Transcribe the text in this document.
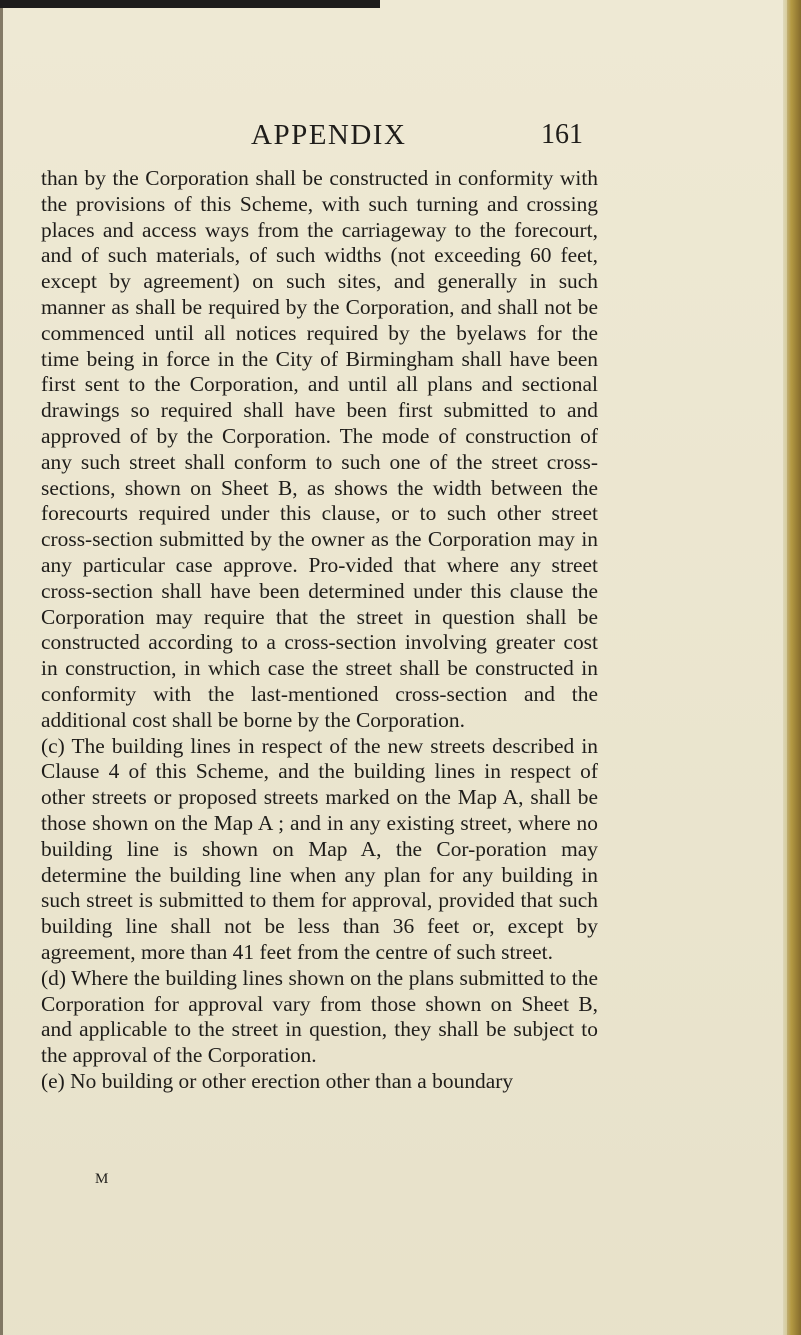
APPENDIX	161

than by the Corporation shall be constructed in conformity with the provisions of this Scheme, with such turning and crossing places and access ways from the carriageway to the forecourt, and of such materials, of such widths (not exceeding 60 feet, except by agreement) on such sites, and generally in such manner as shall be required by the Corporation, and shall not be commenced until all notices required by the byelaws for the time being in force in the City of Birmingham shall have been first sent to the Corporation, and until all plans and sectional drawings so required shall have been first submitted to and approved of by the Corporation. The mode of construction of any such street shall conform to such one of the street cross-sections, shown on Sheet B, as shows the width between the forecourts required under this clause, or to such other street cross-section submitted by the owner as the Corporation may in any particular case approve. Pro-vided that where any street cross-section shall have been determined under this clause the Corporation may require that the street in question shall be constructed according to a cross-section involving greater cost in construction, in which case the street shall be constructed in conformity with the last-mentioned cross-section and the additional cost shall be borne by the Corporation.

(c) The building lines in respect of the new streets described in Clause 4 of this Scheme, and the building lines in respect of other streets or proposed streets marked on the Map A, shall be those shown on the Map A ; and in any existing street, where no building line is shown on Map A, the Cor-poration may determine the building line when any plan for any building in such street is submitted to them for approval, provided that such building line shall not be less than 36 feet or, except by agreement, more than 41 feet from the centre of such street.

(d) Where the building lines shown on the plans submitted to the Corporation for approval vary from those shown on Sheet B, and applicable to the street in question, they shall be subject to the approval of the Corporation.

(e) No building or other erection other than a boundary

M
